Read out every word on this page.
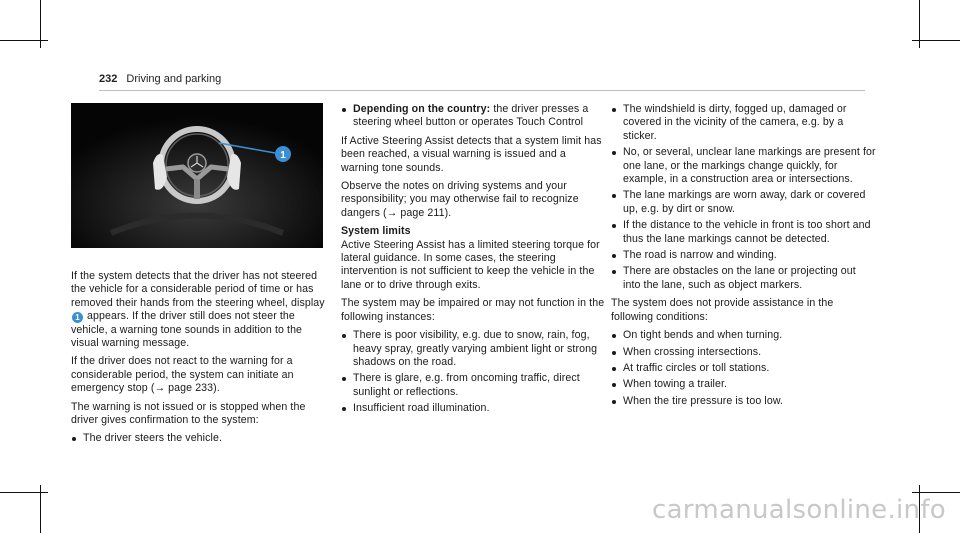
232 Driving and parking
1

If the system detects that the driver has not steered the vehicle for a considerable period of time or has removed their hands from the steering wheel, display 1 appears. If the driver still does not steer the vehicle, a warning tone sounds in addition to the visual warning message.

If the driver does not react to the warning for a considerable period, the system can initiate an emergency stop (→ page 233).

The warning is not issued or is stopped when the driver gives confirmation to the system:

The driver steers the vehicle.
Depending on the country: the driver presses a steering wheel button or operates Touch Control

If Active Steering Assist detects that a system limit has been reached, a visual warning is issued and a warning tone sounds.

Observe the notes on driving systems and your responsibility; you may otherwise fail to recognize dangers (→ page 211).

System limits

Active Steering Assist has a limited steering torque for lateral guidance. In some cases, the steering intervention is not sufficient to keep the vehicle in the lane or to drive through exits.

The system may be impaired or may not function in the following instances:

There is poor visibility, e.g. due to snow, rain, fog, heavy spray, greatly varying ambient light or strong shadows on the road.
There is glare, e.g. from oncoming traffic, direct sunlight or reflections.
Insufficient road illumination.
The windshield is dirty, fogged up, damaged or covered in the vicinity of the camera, e.g. by a sticker.
No, or several, unclear lane markings are present for one lane, or the markings change quickly, for example, in a construction area or intersections.
The lane markings are worn away, dark or covered up, e.g. by dirt or snow.
If the distance to the vehicle in front is too short and thus the lane markings cannot be detected.
The road is narrow and winding.
There are obstacles on the lane or projecting out into the lane, such as object markers.

The system does not provide assistance in the following conditions:

On tight bends and when turning.
When crossing intersections.
At traffic circles or toll stations.
When towing a trailer.
When the tire pressure is too low.
carmanualsonline.info
